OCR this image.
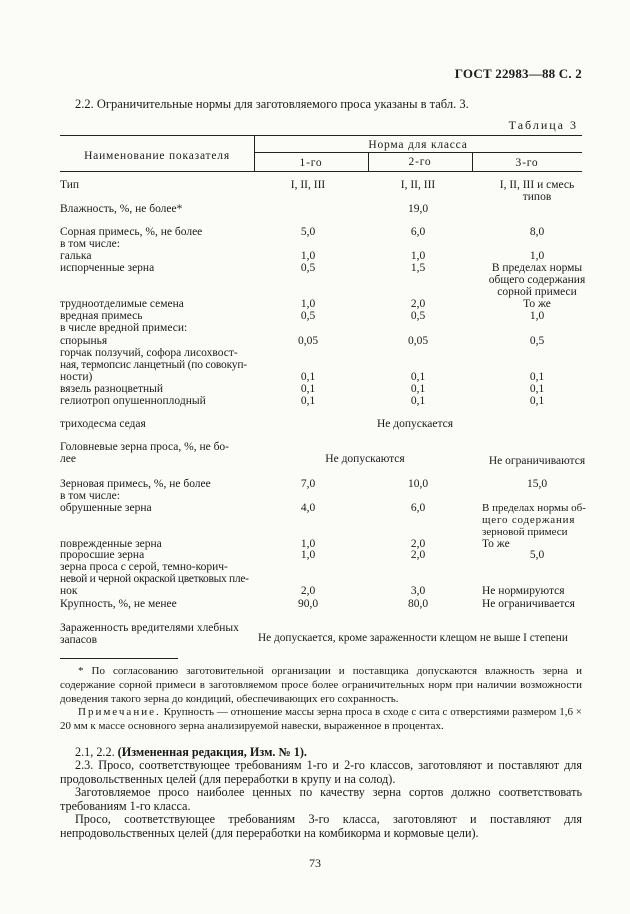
ГОСТ 22983—88 С. 2
2.2. Ограничительные нормы для заготовляемого проса указаны в табл. 3.
Таблица 3
Наименование показателя
Норма для класса
1-го	2-го	3-го
Тип	I, II, III	I, II, III	I, II, III и смесь
типов
Влажность, %, не более*	19,0
Сорная примесь, %, не более
в том числе:
5,0	6,0	8,0
галька	1,0	1,0	1,0
испорченные зерна	0,5	1,5	В пределах нормы
общего содержания
сорной примеси
трудноотделимые семена	1,0	2,0	То же
вредная примесь	0,5	0,5	1,0
в числе вредной примеси:
спорынья	0,05	0,05	0,5
горчак ползучий, софора лисохвост-
ная, термопсис ланцетный (по совокуп-
ности)	0,1	0,1	0,1
вязель разноцветный	0,1	0,1	0,1
гелиотроп опушенноплодный	0,1	0,1	0,1
триходесма седая	Не допускается
Головневые зерна проса, %, не бо-
лее	Не допускаются	Не ограничиваются
Зерновая примесь, %, не более
в том числе:
7,0	10,0	15,0
обрушенные зерна	4,0	6,0	В пределах нормы об-
щего содержания
зерновой примеси
поврежденные зерна	1,0	2,0	То же
проросшие зерна	1,0	2,0	5,0
зерна проса с серой, темно-корич-
невой и черной окраской цветковых пле-
нок	2,0	3,0	Не нормируются
Крупность, %, не менее	90,0	80,0	Не ограничивается
Зараженность вредителями хлебных
запасов	Не допускается, кроме зараженности клещом не выше I степени
* По согласованию заготовительной организации и поставщика допускаются влажность зерна и содержание сорной примеси в заготовляемом просе более ограничительных норм при наличии возможности доведения такого зерна до кондиций, обеспечивающих его сохранность.
Примечание. Крупность — отношение массы зерна проса в сходе с сита с отверстиями размером 1,6 × 20 мм к массе основного зерна анализируемой навески, выраженное в процентах.
2.1, 2.2. (Измененная редакция, Изм. № 1).
2.3. Просо, соответствующее требованиям 1-го и 2-го классов, заготовляют и поставляют для продовольственных целей (для переработки в крупу и на солод).
Заготовляемое просо наиболее ценных по качеству зерна сортов должно соответствовать требованиям 1-го класса.
Просо, соответствующее требованиям 3-го класса, заготовляют и поставляют для непродовольственных целей (для переработки на комбикорма и кормовые цели).
73
